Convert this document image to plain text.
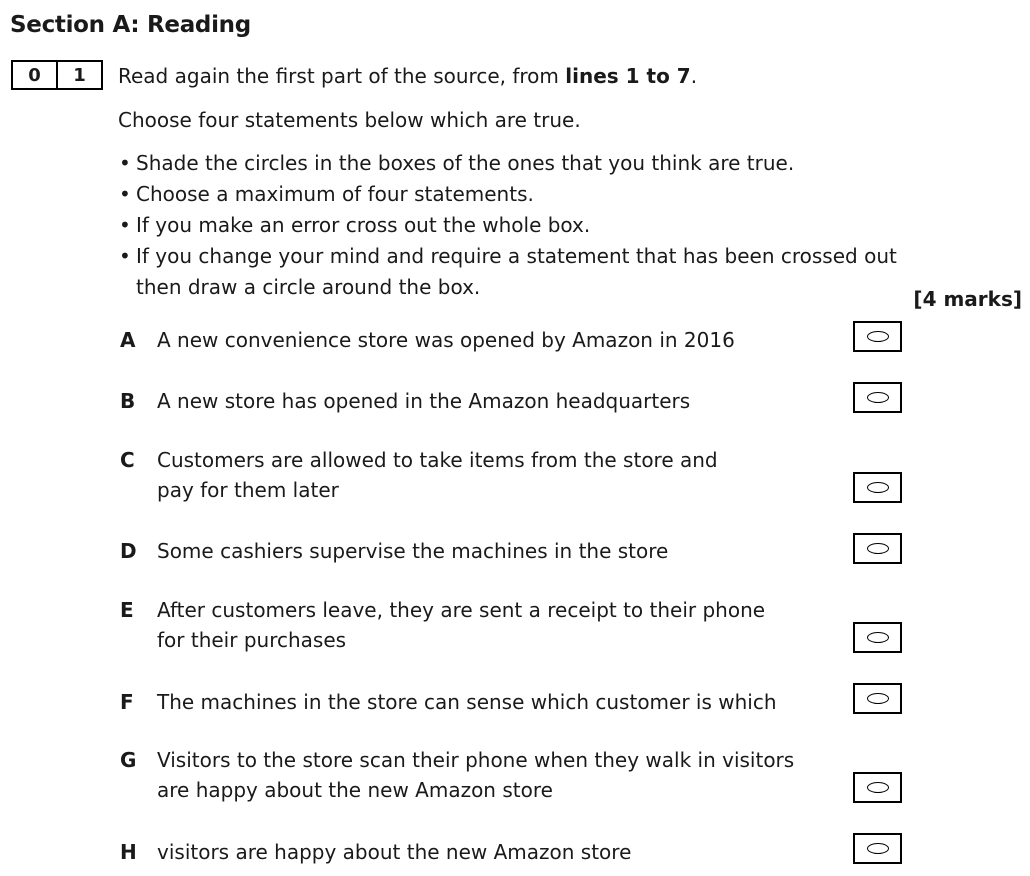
Section A: Reading
0	1	Read again the first part of the source, from lines 1 to 7.
Choose four statements below which are true.
• Shade the circles in the boxes of the ones that you think are true.
• Choose a maximum of four statements.
• If you make an error cross out the whole box.
• If you change your mind and require a statement that has been crossed out
then draw a circle around the box.	[4 marks]
A A new convenience store was opened by Amazon in 2016
B A new store has opened in the Amazon headquarters
C Customers are allowed to take items from the store and
pay for them later
D Some cashiers supervise the machines in the store
E After customers leave, they are sent a receipt to their phone
for their purchases
F The machines in the store can sense which customer is which
G Visitors to the store scan their phone when they walk in visitors
are happy about the new Amazon store
H visitors are happy about the new Amazon store
